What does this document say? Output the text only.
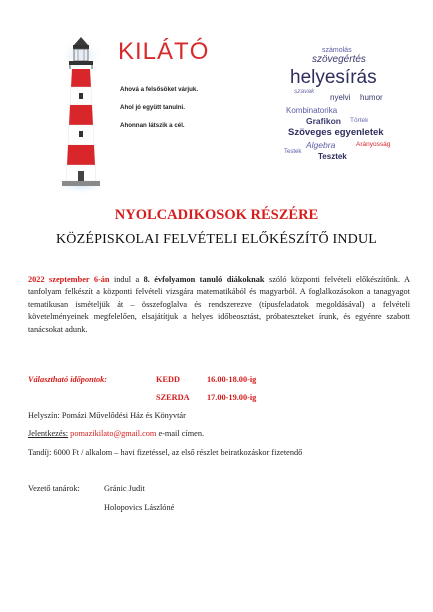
KILÁTÓ
Ahová a felsősöket várjuk.
Ahol jó együtt tanulni.
Ahonnan látszik a cél.
számolás
szövegértés
helyesírás
szavak
nyelvi humor
Kombinatorika
Grafikon Törtek
Szöveges egyenletek
Algebra	Arányosság
Tesztek
Testek
NYOLCADIKOSOK RÉSZÉRE
KÖZÉPISKOLAI FELVÉTELI ELŐKÉSZÍTŐ INDUL
2022 szeptember 6-án indul a 8. évfolyamon tanuló diákoknak szóló központi felvételi előkészítőnk. A tanfolyam felkészít a központi felvételi vizsgára matematikából és magyarból. A foglalkozásokon a tanagyagot tematikusan ismételjük át – összefoglalva és rendszerezve (típusfeladatok megoldásával) a felvételi követelményeinek megfelelően, elsajátítjuk a helyes időbeosztást, próbateszteket írunk, és egyénre szabott tanácsokat adunk.
Választható időpontok:	KEDD	16.00-18.00-ig
SZERDA 17.00-19.00-ig
Helyszín: Pomázi Művelődési Ház és Könyvtár
Jelentkezés: pomazikilato@gmail.com e-mail címen.
Tandíj: 6000 Ft / alkalom – havi fizetéssel, az első részlet beiratkozáskor fizetendő
Vezető tanárok:	Gránic Judit
Holopovics Lászlóné
